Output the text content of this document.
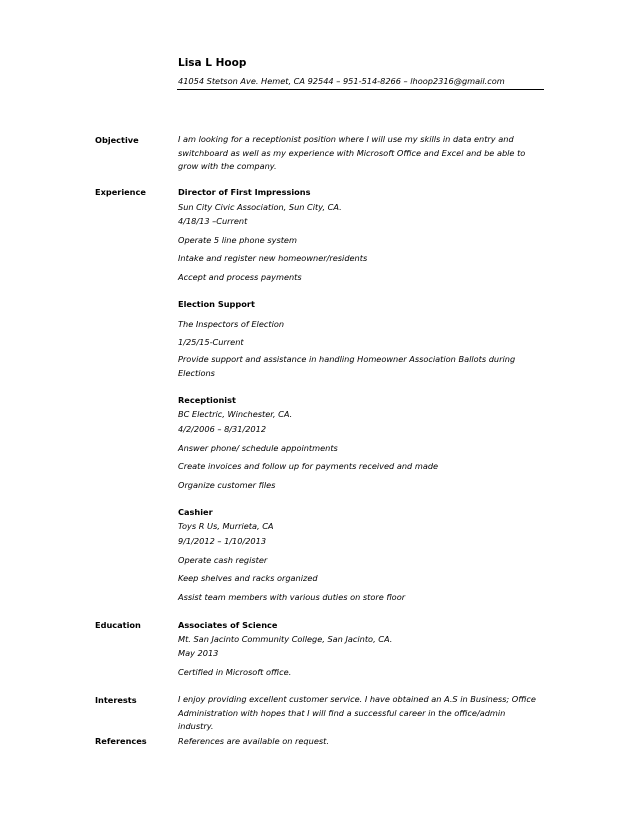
Lisa L Hoop
41054 Stetson Ave. Hemet, CA 92544 – 951-514-8266 – lhoop2316@gmail.com
Objective	I am looking for a receptionist position where I will use my skills in data entry and switchboard as well as my experience with Microsoft Office and Excel and be able to grow with the company.
Experience	Director of First Impressions
Sun City Civic Association, Sun City, CA.
4/18/13 –Current
Operate 5 line phone system
Intake and register new homeowner/residents
Accept and process payments
Election Support
The Inspectors of Election
1/25/15-Current
Provide support and assistance in handling Homeowner Association Ballots during Elections
Receptionist
BC Electric, Winchester, CA.
4/2/2006 – 8/31/2012
Answer phone/ schedule appointments
Create invoices and follow up for payments received and made
Organize customer files
Cashier
Toys R Us, Murrieta, CA
9/1/2012 – 1/10/2013
Operate cash register
Keep shelves and racks organized
Assist team members with various duties on store floor
Education	Associates of Science
Mt. San Jacinto Community College, San Jacinto, CA.
May 2013
Certified in Microsoft office.
Interests	I enjoy providing excellent customer service. I have obtained an A.S in Business; Office Administration with hopes that I will find a successful career in the office/admin industry.
References	References are available on request.
